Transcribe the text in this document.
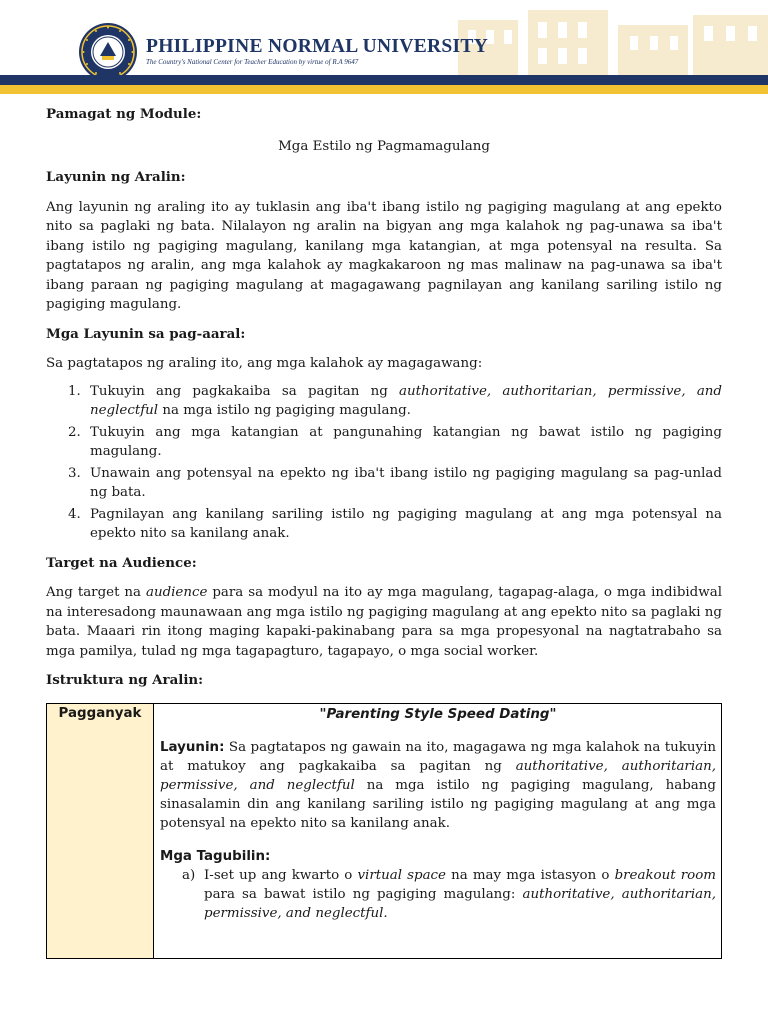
PHILIPPINE NORMAL UNIVERSITY
The Country's National Center for Teacher Education by virtue of R.A 9647

Pamagat ng Module:

Mga Estilo ng Pagmamagulang

Layunin ng Aralin:

Ang layunin ng araling ito ay tuklasin ang iba't ibang istilo ng pagiging magulang at ang epekto nito sa paglaki ng bata. Nilalayon ng aralin na bigyan ang mga kalahok ng pag-unawa sa iba't ibang istilo ng pagiging magulang, kanilang mga katangian, at mga potensyal na resulta. Sa pagtatapos ng aralin, ang mga kalahok ay magkakaroon ng mas malinaw na pag-unawa sa iba't ibang paraan ng pagiging magulang at magagawang pagnilayan ang kanilang sariling istilo ng pagiging magulang.

Mga Layunin sa pag-aaral:

Sa pagtatapos ng araling ito, ang mga kalahok ay magagawang:

1. Tukuyin ang pagkakaiba sa pagitan ng authoritative, authoritarian, permissive, and neglectful na mga istilo ng pagiging magulang.
2. Tukuyin ang mga katangian at pangunahing katangian ng bawat istilo ng pagiging magulang.
3. Unawain ang potensyal na epekto ng iba't ibang istilo ng pagiging magulang sa pag-unlad ng bata.
4. Pagnilayan ang kanilang sariling istilo ng pagiging magulang at ang mga potensyal na epekto nito sa kanilang anak.

Target na Audience:

Ang target na audience para sa modyul na ito ay mga magulang, tagapag-alaga, o mga indibidwal na interesadong maunawaan ang mga istilo ng pagiging magulang at ang epekto nito sa paglaki ng bata. Maaari rin itong maging kapaki-pakinabang para sa mga propesyonal na nagtatrabaho sa mga pamilya, tulad ng mga tagapagturo, tagapayo, o mga social worker.

Istruktura ng Aralin:

Pagganyak	"Parenting Style Speed Dating"

Layunin: Sa pagtatapos ng gawain na ito, magagawa ng mga kalahok na tukuyin at matukoy ang pagkakaiba sa pagitan ng authoritative, authoritarian, permissive, and neglectful na mga istilo ng pagiging magulang, habang sinasalamin din ang kanilang sariling istilo ng pagiging magulang at ang mga potensyal na epekto nito sa kanilang anak.

Mga Tagubilin:

a) I-set up ang kwarto o virtual space na may mga istasyon o breakout room para sa bawat istilo ng pagiging magulang: authoritative, authoritarian, permissive, and neglectful.
